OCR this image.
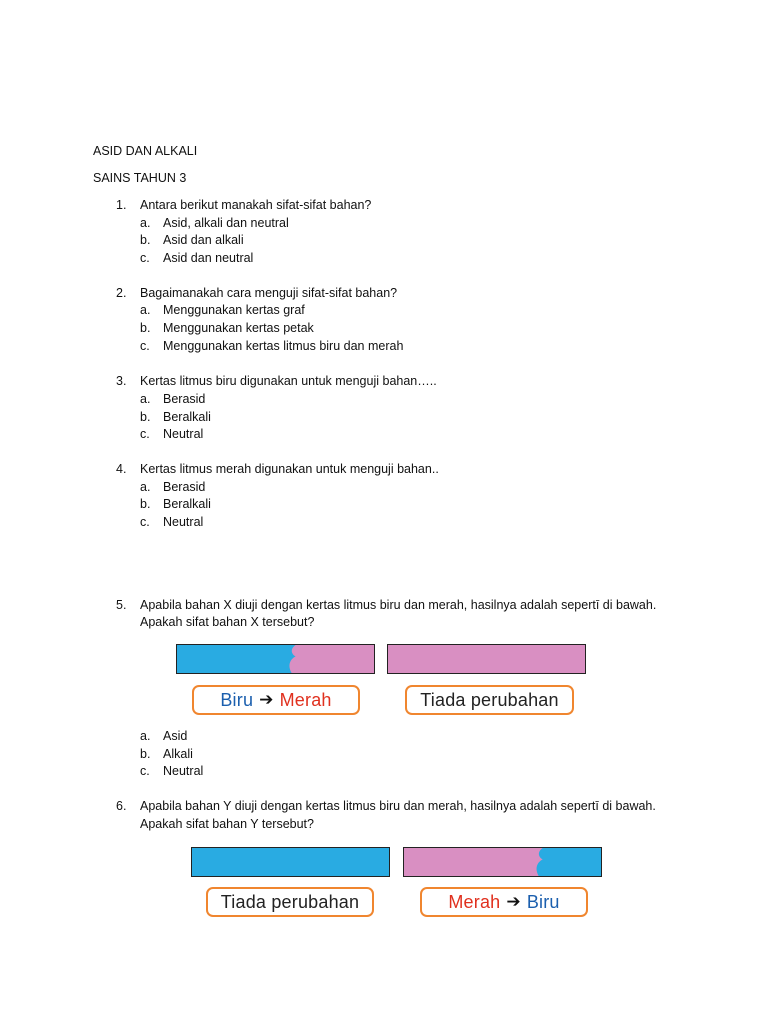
ASID DAN ALKALI
SAINS TAHUN 3
1. Antara berikut manakah sifat-sifat bahan?
a. Asid, alkali dan neutral
b. Asid dan alkali
c. Asid dan neutral
2. Bagaimanakah cara menguji sifat-sifat bahan?
a. Menggunakan kertas graf
b. Menggunakan kertas petak
c. Menggunakan kertas litmus biru dan merah
3. Kertas litmus biru digunakan untuk menguji bahan…..
a. Berasid
b. Beralkali
c. Neutral
4. Kertas litmus merah digunakan untuk menguji bahan..
a. Berasid
b. Beralkali
c. Neutral
5. Apabila bahan X diuji dengan kertas litmus biru dan merah, hasilnya adalah sepertī di bawah.
Apakah sifat bahan X tersebut?
Biru ➔ Merah	Tiada perubahan
a. Asid
b. Alkali
c. Neutral
6. Apabila bahan Y diuji dengan kertas litmus biru dan merah, hasilnya adalah sepertī di bawah.
Apakah sifat bahan Y tersebut?
Tiada perubahan	Merah ➔ Biru
